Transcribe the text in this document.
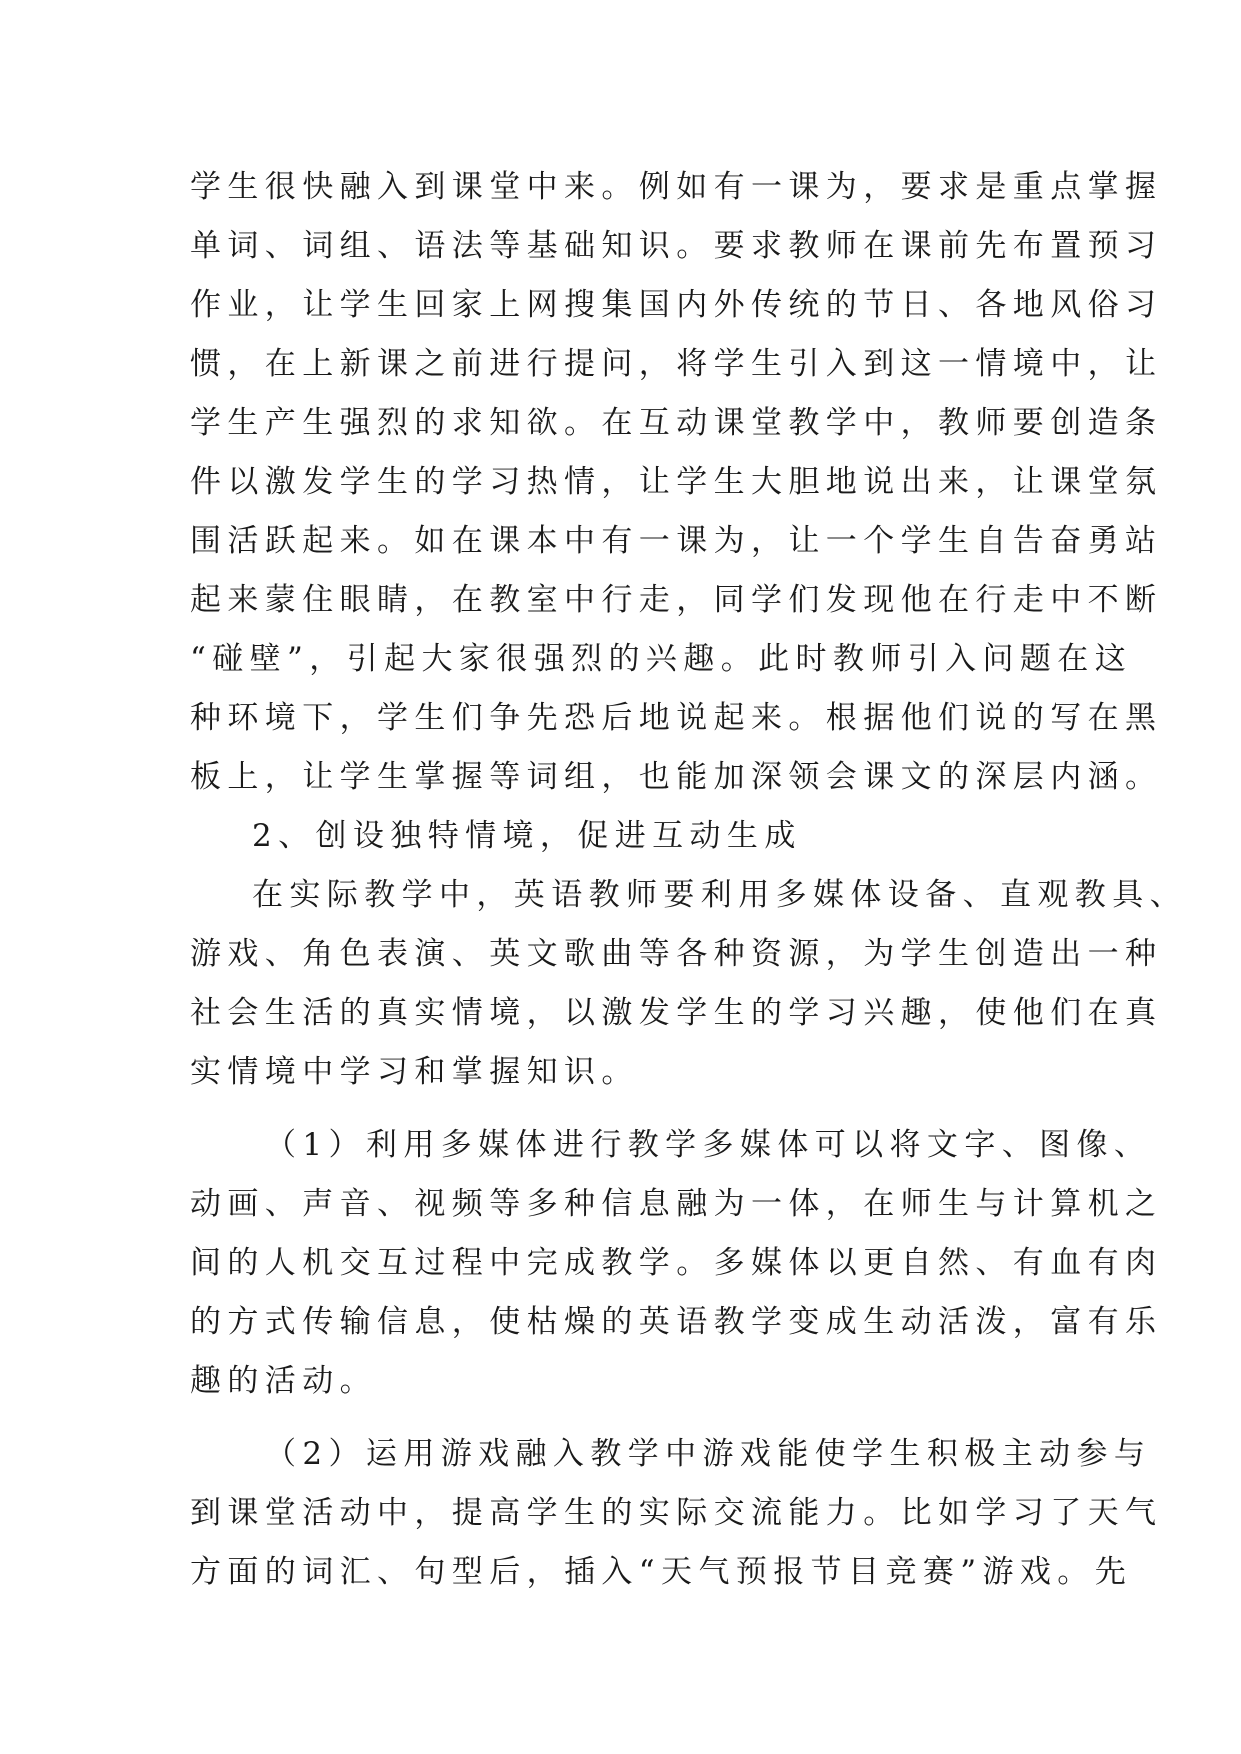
学生很快融入到课堂中来。例如有一课为，要求是重点掌握
单词、词组、语法等基础知识。要求教师在课前先布置预习
作业，让学生回家上网搜集国内外传统的节日、各地风俗习
惯，在上新课之前进行提问，将学生引入到这一情境中，让
学生产生强烈的求知欲。在互动课堂教学中，教师要创造条
件以激发学生的学习热情，让学生大胆地说出来，让课堂氛
围活跃起来。如在课本中有一课为，让一个学生自告奋勇站
起来蒙住眼睛，在教室中行走，同学们发现他在行走中不断
“碰壁”，引起大家很强烈的兴趣。此时教师引入问题在这
种环境下，学生们争先恐后地说起来。根据他们说的写在黑
板上，让学生掌握等词组，也能加深领会课文的深层内涵。
2、创设独特情境，促进互动生成
在实际教学中，英语教师要利用多媒体设备、直观教具、
游戏、角色表演、英文歌曲等各种资源，为学生创造出一种
社会生活的真实情境，以激发学生的学习兴趣，使他们在真
实情境中学习和掌握知识。
（1）利用多媒体进行教学多媒体可以将文字、图像、
动画、声音、视频等多种信息融为一体，在师生与计算机之
间的人机交互过程中完成教学。多媒体以更自然、有血有肉
的方式传输信息，使枯燥的英语教学变成生动活泼，富有乐
趣的活动。
（2）运用游戏融入教学中游戏能使学生积极主动参与
到课堂活动中，提高学生的实际交流能力。比如学习了天气
方面的词汇、句型后，插入“天气预报节目竞赛”游戏。先
